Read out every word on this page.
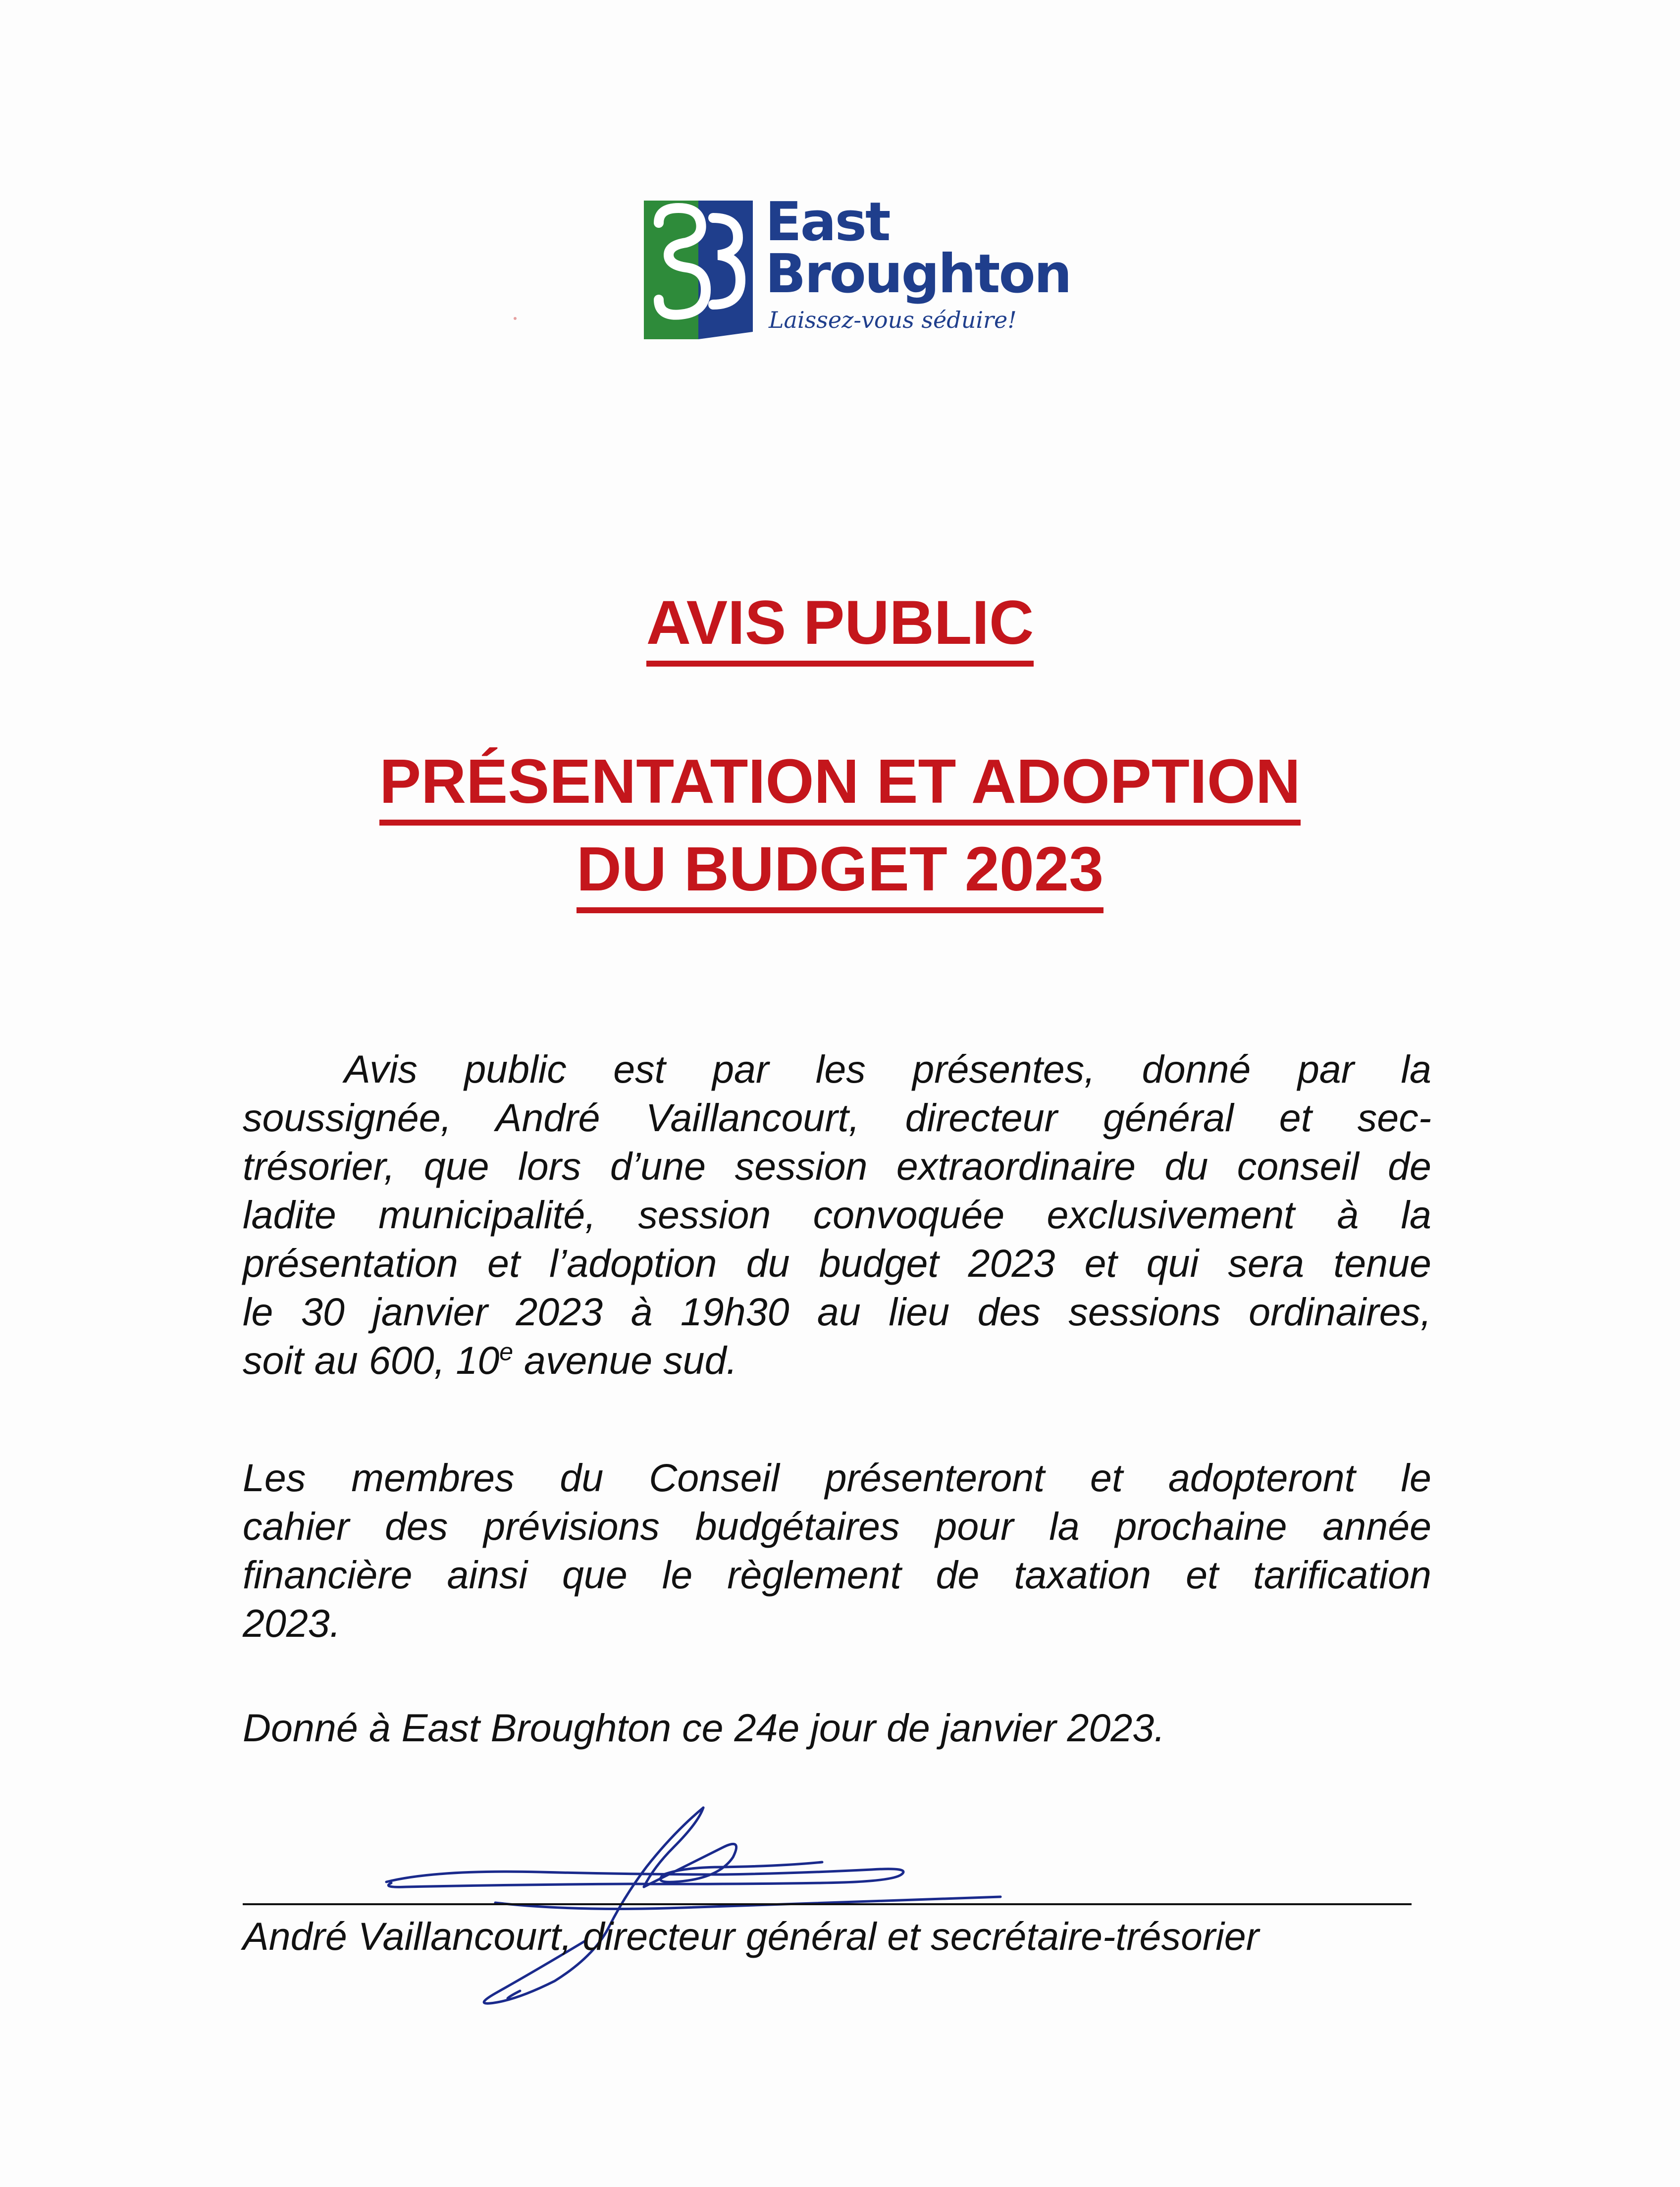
East
Broughton
Laissez-vous séduire!
AVIS PUBLIC
PRÉSENTATION ET ADOPTION
DU BUDGET 2023
Avis public est par les présentes, donné par la
soussignée, André Vaillancourt, directeur général et sec-
trésorier, que lors d’une session extraordinaire du conseil de
ladite municipalité, session convoquée exclusivement à la
présentation et l’adoption du budget 2023 et qui sera tenue
le 30 janvier 2023 à 19h30 au lieu des sessions ordinaires,
soit au 600, 10e avenue sud.
Les membres du Conseil présenteront et adopteront le
cahier des prévisions budgétaires pour la prochaine année
financière ainsi que le règlement de taxation et tarification
2023.
Donné à East Broughton ce 24e jour de janvier 2023.
André Vaillancourt, directeur général et secrétaire-trésorier
